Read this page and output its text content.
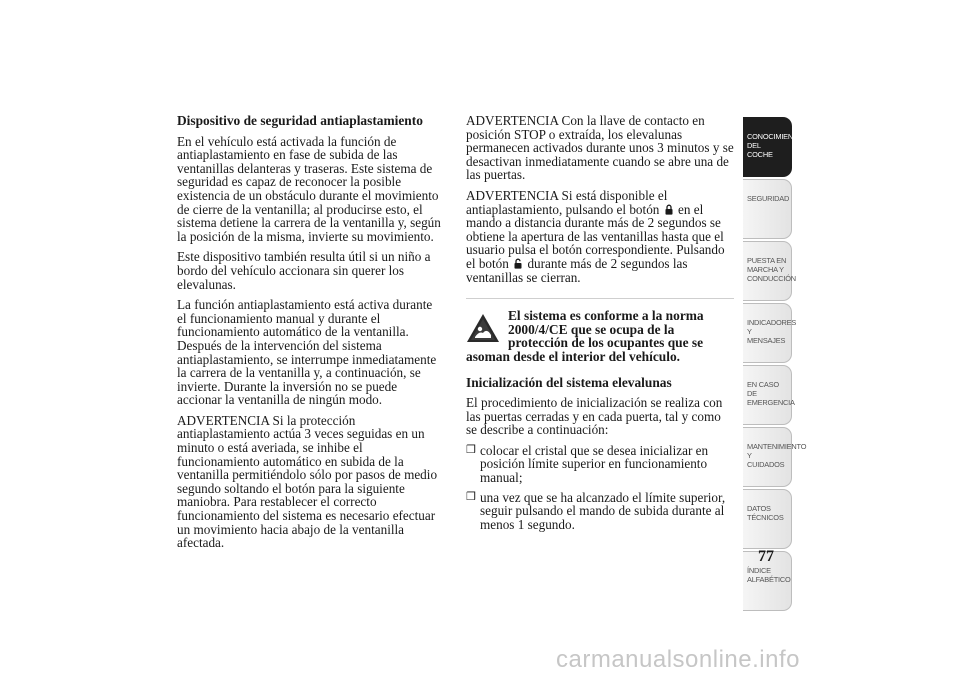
Dispositivo de seguridad antiaplastamiento

En el vehículo está activada la función de antiaplastamiento en fase de subida de las ventanillas delanteras y traseras. Este sistema de seguridad es capaz de reconocer la posible existencia de un obstáculo durante el movimiento de cierre de la ventanilla; al producirse esto, el sistema detiene la carrera de la ventanilla y, según la posición de la misma, invierte su movimiento.

Este dispositivo también resulta útil si un niño a bordo del vehículo accionara sin querer los elevalunas.

La función antiaplastamiento está activa durante el funcionamiento manual y durante el funcionamiento automático de la ventanilla. Después de la intervención del sistema antiaplastamiento, se interrumpe inmediatamente la carrera de la ventanilla y, a continuación, se invierte. Durante la inversión no se puede accionar la ventanilla de ningún modo.

ADVERTENCIA Si la protección antiaplastamiento actúa 3 veces seguidas en un minuto o está averiada, se inhibe el funcionamiento automático en subida de la ventanilla permitiéndolo sólo por pasos de medio segundo soltando el botón para la siguiente maniobra. Para restablecer el correcto funcionamiento del sistema es necesario efectuar un movimiento hacia abajo de la ventanilla afectada.

ADVERTENCIA Con la llave de contacto en posición STOP o extraída, los elevalunas permanecen activados durante unos 3 minutos y se desactivan inmediatamente cuando se abre una de las puertas.

ADVERTENCIA Si está disponible el antiaplastamiento, pulsando el botón en el mando a distancia durante más de 2 segundos se obtiene la apertura de las ventanillas hasta que el usuario pulsa el botón correspondiente. Pulsando el botón durante más de 2 segundos las ventanillas se cierran.

El sistema es conforme a la norma
2000/4/CE que se ocupa de la
protección de los ocupantes que se
asoman desde el interior del vehículo.

Inicialización del sistema elevalunas

El procedimiento de inicialización se realiza con las puertas cerradas y en cada puerta, tal y como se describe a continuación:

❒ colocar el cristal que se desea inicializar en posición límite superior en funcionamiento manual;
❒ una vez que se ha alcanzado el límite superior, seguir pulsando el mando de subida durante al menos 1 segundo.
CONOCIMIENTO
DEL COCHE
SEGURIDAD
PUESTA EN
MARCHA Y
CONDUCCIÓN
INDICADORES Y
MENSAJES
EN CASO DE
EMERGENCIA
MANTENIMIENTO Y
CUIDADOS
DATOS TÉCNICOS
ÍNDICE
ALFABÉTICO
77
carmanualsonline.info
